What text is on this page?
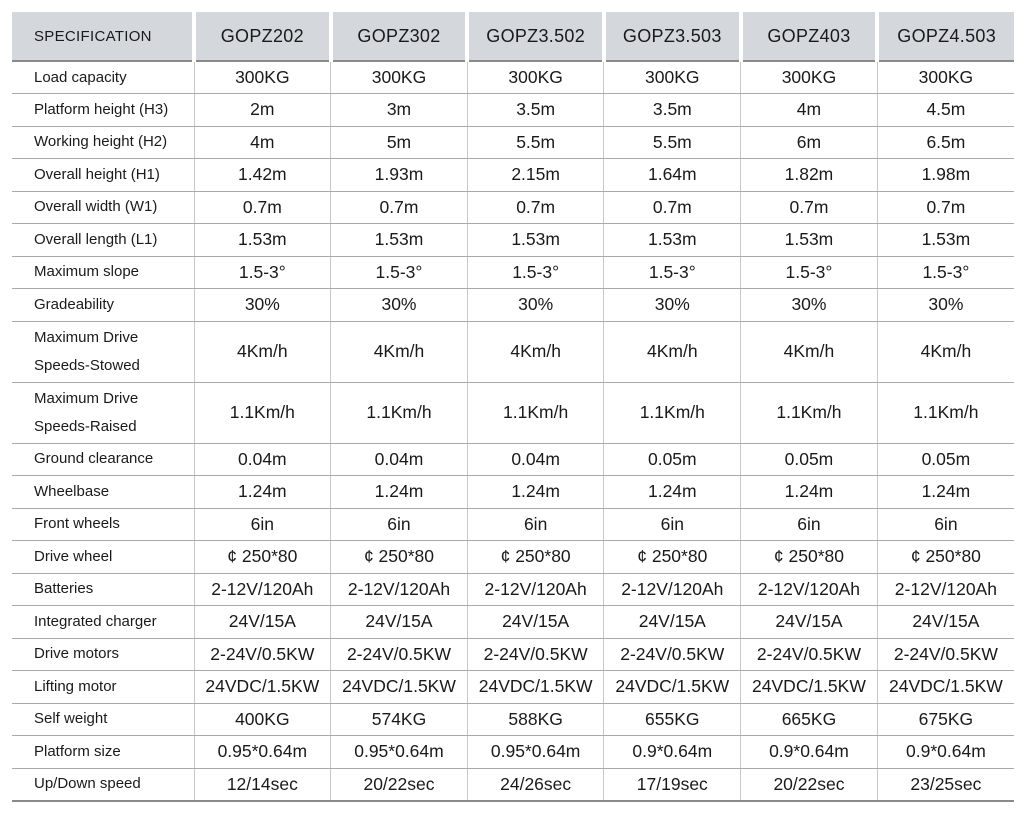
SPECIFICATION	GOPZ202	GOPZ302	GOPZ3.502	GOPZ3.503	GOPZ403	GOPZ4.503
Load capacity	300KG	300KG	300KG	300KG	300KG	300KG
Platform height (H3)	2m	3m	3.5m	3.5m	4m	4.5m
Working height (H2)	4m	5m	5.5m	5.5m	6m	6.5m
Overall height (H1)	1.42m	1.93m	2.15m	1.64m	1.82m	1.98m
Overall width (W1)	0.7m	0.7m	0.7m	0.7m	0.7m	0.7m
Overall length (L1)	1.53m	1.53m	1.53m	1.53m	1.53m	1.53m
Maximum slope	1.5-3°	1.5-3°	1.5-3°	1.5-3°	1.5-3°	1.5-3°
Gradeability	30%	30%	30%	30%	30%	30%
Maximum Drive Speeds-Stowed	4Km/h	4Km/h	4Km/h	4Km/h	4Km/h	4Km/h
Maximum Drive Speeds-Raised	1.1Km/h	1.1Km/h	1.1Km/h	1.1Km/h	1.1Km/h	1.1Km/h
Ground clearance	0.04m	0.04m	0.04m	0.05m	0.05m	0.05m
Wheelbase	1.24m	1.24m	1.24m	1.24m	1.24m	1.24m
Front wheels	6in	6in	6in	6in	6in	6in
Drive wheel	¢ 250*80	¢ 250*80	¢ 250*80	¢ 250*80	¢ 250*80	¢ 250*80
Batteries	2-12V/120Ah	2-12V/120Ah	2-12V/120Ah	2-12V/120Ah	2-12V/120Ah	2-12V/120Ah
Integrated charger	24V/15A	24V/15A	24V/15A	24V/15A	24V/15A	24V/15A
Drive motors	2-24V/0.5KW	2-24V/0.5KW	2-24V/0.5KW	2-24V/0.5KW	2-24V/0.5KW	2-24V/0.5KW
Lifting motor	24VDC/1.5KW	24VDC/1.5KW	24VDC/1.5KW	24VDC/1.5KW	24VDC/1.5KW	24VDC/1.5KW
Self weight	400KG	574KG	588KG	655KG	665KG	675KG
Platform size	0.95*0.64m	0.95*0.64m	0.95*0.64m	0.9*0.64m	0.9*0.64m	0.9*0.64m
Up/Down speed	12/14sec	20/22sec	24/26sec	17/19sec	20/22sec	23/25sec
